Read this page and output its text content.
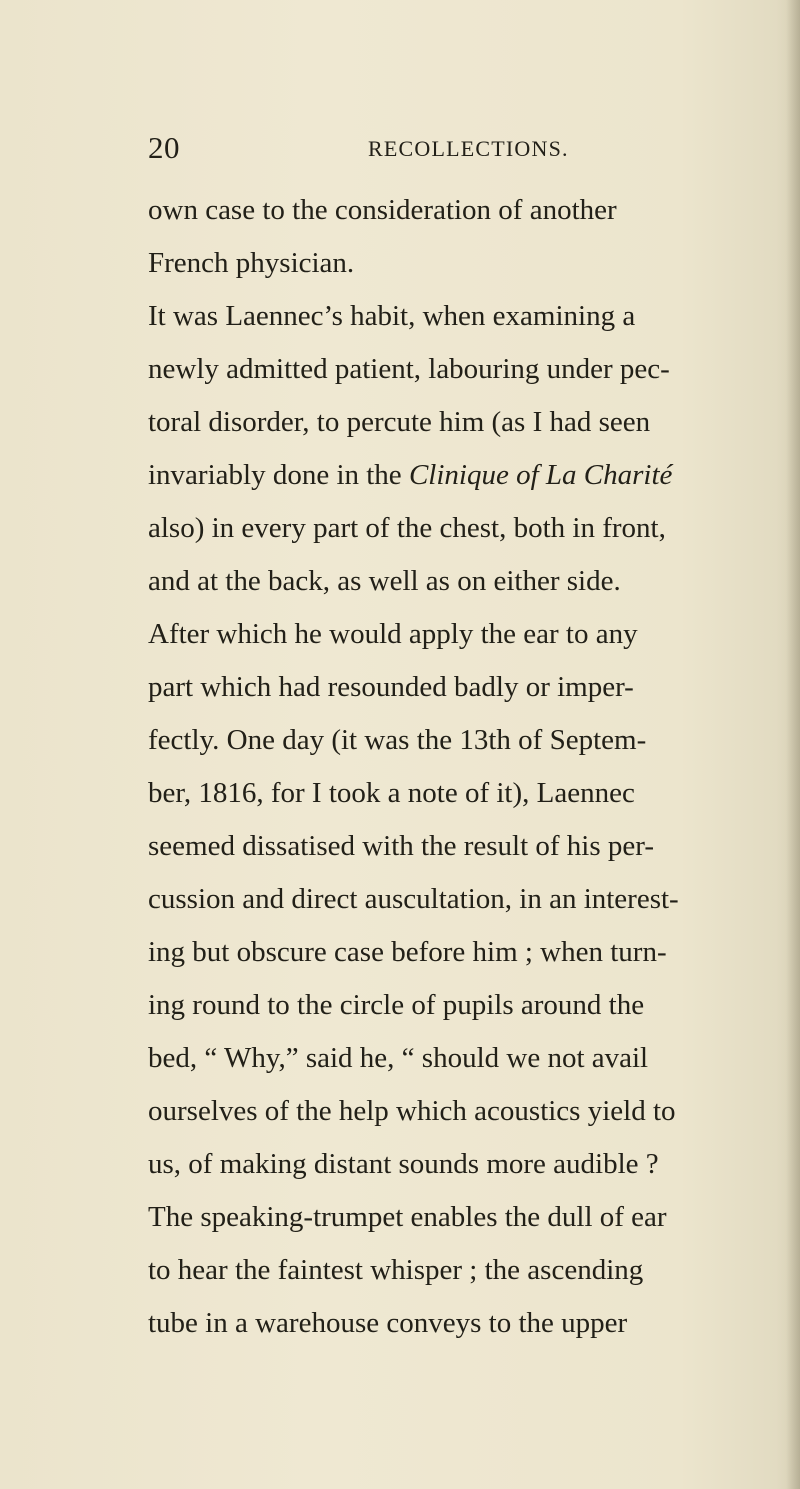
20	RECOLLECTIONS.
own case to the consideration of another
French physician.
It was Laennec’s habit, when examining a
newly admitted patient, labouring under pec-
toral disorder, to percute him (as I had seen
invariably done in the Clinique of La Charité
also) in every part of the chest, both in front,
and at the back, as well as on either side.
After which he would apply the ear to any
part which had resounded badly or imper-
fectly. One day (it was the 13th of Septem-
ber, 1816, for I took a note of it), Laennec
seemed dissatised with the result of his per-
cussion and direct auscultation, in an interest-
ing but obscure case before him ; when turn-
ing round to the circle of pupils around the
bed, “ Why,” said he, “ should we not avail
ourselves of the help which acoustics yield to
us, of making distant sounds more audible ?
The speaking-trumpet enables the dull of ear
to hear the faintest whisper ; the ascending
tube in a warehouse conveys to the upper
